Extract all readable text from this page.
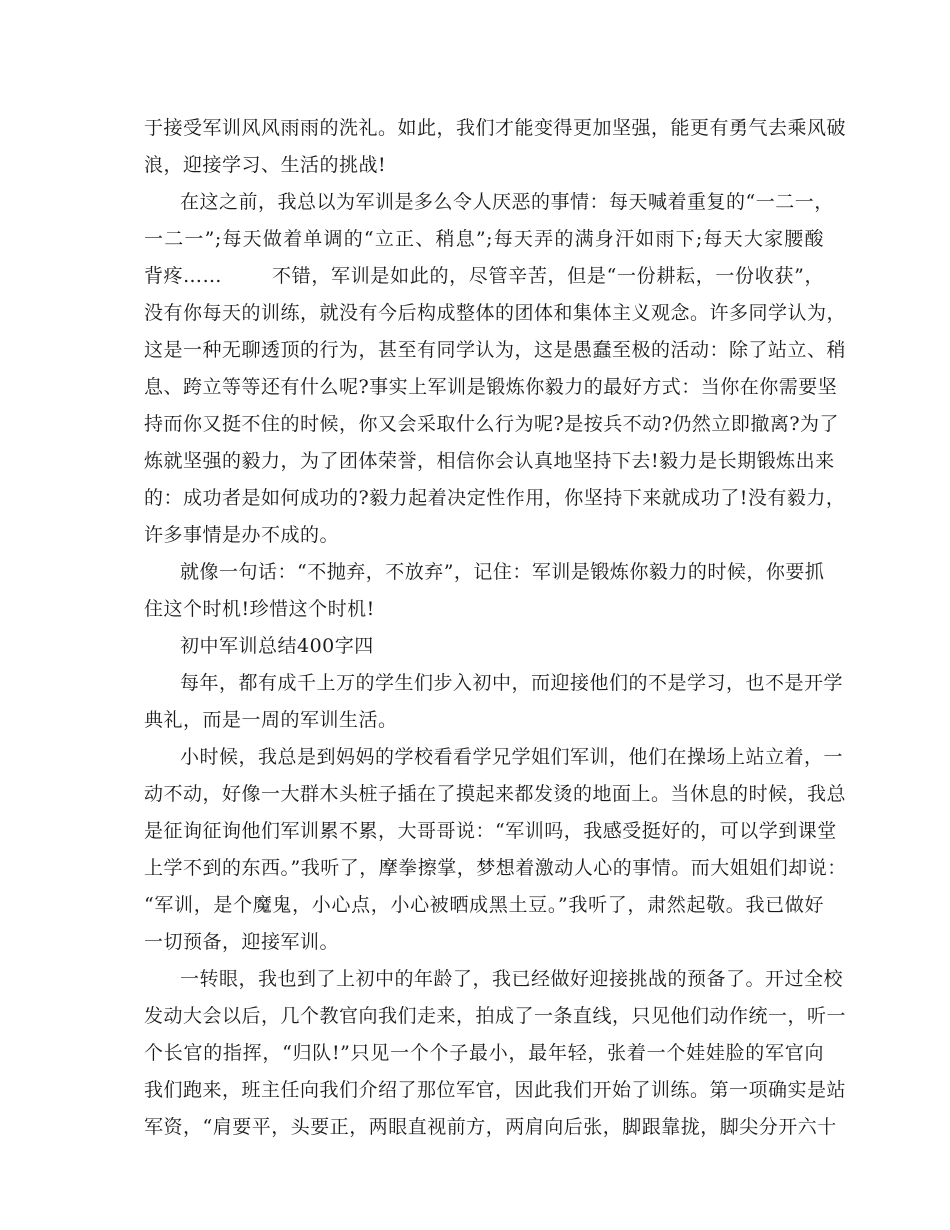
于接受军训风风雨雨的洗礼。如此，我们才能变得更加坚强，能更有勇气去乘风破
浪，迎接学习、生活的挑战!
在这之前，我总以为军训是多么令人厌恶的事情：每天喊着重复的“一二一，
一二一”;每天做着单调的“立正、稍息”;每天弄的满身汗如雨下;每天大家腰酸
背疼……	不错，军训是如此的，尽管辛苦，但是“一份耕耘，一份收获”，
没有你每天的训练，就没有今后构成整体的团体和集体主义观念。许多同学认为，
这是一种无聊透顶的行为，甚至有同学认为，这是愚蠢至极的活动：除了站立、稍
息、跨立等等还有什么呢?事实上军训是锻炼你毅力的最好方式：当你在你需要坚
持而你又挺不住的时候，你又会采取什么行为呢?是按兵不动?仍然立即撤离?为了
炼就坚强的毅力，为了团体荣誉，相信你会认真地坚持下去!毅力是长期锻炼出来
的：成功者是如何成功的?毅力起着决定性作用，你坚持下来就成功了!没有毅力，
许多事情是办不成的。
就像一句话：“不抛弃，不放弃”，记住：军训是锻炼你毅力的时候，你要抓
住这个时机!珍惜这个时机!
初中军训总结400字四
每年，都有成千上万的学生们步入初中，而迎接他们的不是学习，也不是开学
典礼，而是一周的军训生活。
小时候，我总是到妈妈的学校看看学兄学姐们军训，他们在操场上站立着，一
动不动，好像一大群木头桩子插在了摸起来都发烫的地面上。当休息的时候，我总
是征询征询他们军训累不累，大哥哥说：“军训吗，我感受挺好的，可以学到课堂
上学不到的东西。”我听了，摩拳擦掌，梦想着激动人心的事情。而大姐姐们却说：
“军训，是个魔鬼，小心点，小心被晒成黑土豆。”我听了，肃然起敬。我已做好
一切预备，迎接军训。
一转眼，我也到了上初中的年龄了，我已经做好迎接挑战的预备了。开过全校
发动大会以后，几个教官向我们走来，拍成了一条直线，只见他们动作统一，听一
个长官的指挥，“归队!”只见一个个子最小，最年轻，张着一个娃娃脸的军官向
我们跑来，班主任向我们介绍了那位军官，因此我们开始了训练。第一项确实是站
军资，“肩要平，头要正，两眼直视前方，两肩向后张，脚跟靠拢，脚尖分开六十
